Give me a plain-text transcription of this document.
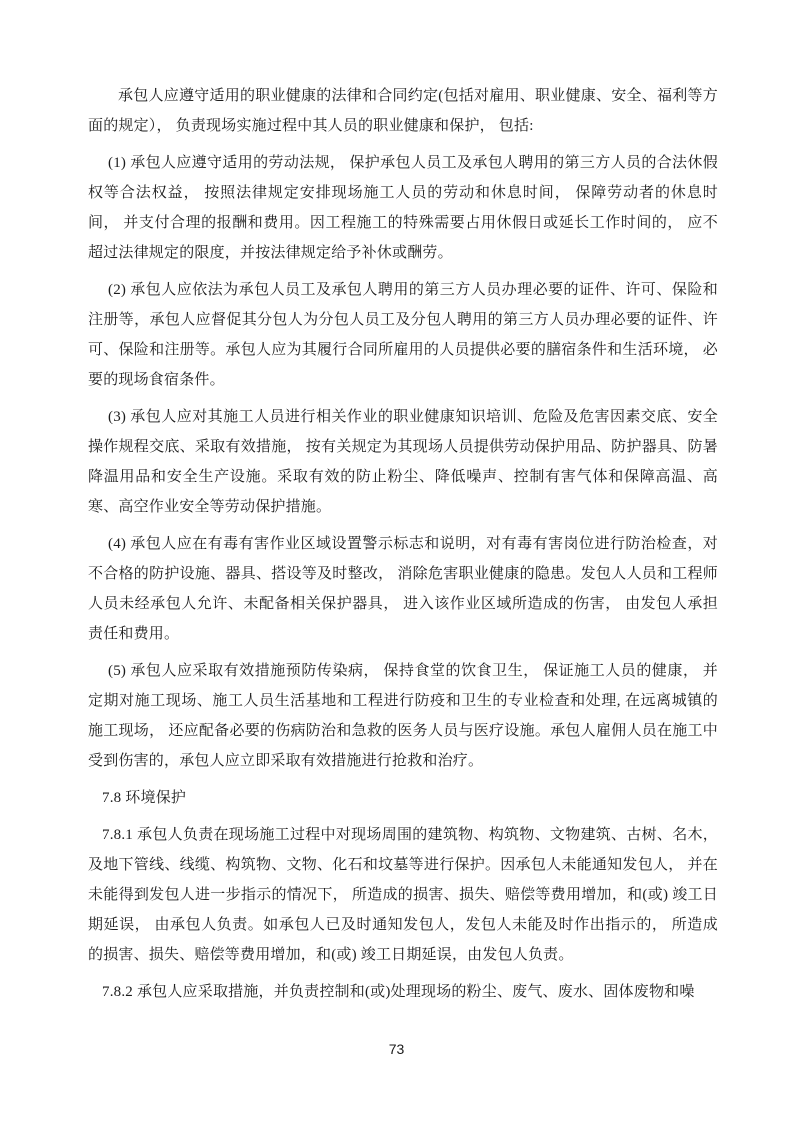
承包人应遵守适用的职业健康的法律和合同约定(包括对雇用、职业健康、安全、福利等方面的规定）， 负责现场实施过程中其人员的职业健康和保护， 包括:

(1) 承包人应遵守适用的劳动法规， 保护承包人员工及承包人聘用的第三方人员的合法休假权等合法权益， 按照法律规定安排现场施工人员的劳动和休息时间， 保障劳动者的休息时间， 并支付合理的报酬和费用。因工程施工的特殊需要占用休假日或延长工作时间的， 应不超过法律规定的限度，并按法律规定给予补休或酬劳。

(2) 承包人应依法为承包人员工及承包人聘用的第三方人员办理必要的证件、许可、保险和注册等，承包人应督促其分包人为分包人员工及分包人聘用的第三方人员办理必要的证件、许可、保险和注册等。承包人应为其履行合同所雇用的人员提供必要的膳宿条件和生活环境， 必要的现场食宿条件。

(3) 承包人应对其施工人员进行相关作业的职业健康知识培训、危险及危害因素交底、安全操作规程交底、采取有效措施， 按有关规定为其现场人员提供劳动保护用品、防护器具、防暑降温用品和安全生产设施。采取有效的防止粉尘、降低噪声、控制有害气体和保障高温、高寒、高空作业安全等劳动保护措施。

(4) 承包人应在有毒有害作业区域设置警示标志和说明，对有毒有害岗位进行防治检查，对不合格的防护设施、器具、搭设等及时整改， 消除危害职业健康的隐患。发包人人员和工程师人员未经承包人允许、未配备相关保护器具， 进入该作业区域所造成的伤害， 由发包人承担责任和费用。

(5) 承包人应采取有效措施预防传染病， 保持食堂的饮食卫生， 保证施工人员的健康， 并定期对施工现场、施工人员生活基地和工程进行防疫和卫生的专业检查和处理, 在远离城镇的施工现场， 还应配备必要的伤病防治和急救的医务人员与医疗设施。承包人雇佣人员在施工中受到伤害的，承包人应立即采取有效措施进行抢救和治疗。

7.8 环境保护

7.8.1 承包人负责在现场施工过程中对现场周围的建筑物、构筑物、文物建筑、古树、名木，及地下管线、线缆、构筑物、文物、化石和坟墓等进行保护。因承包人未能通知发包人， 并在未能得到发包人进一步指示的情况下， 所造成的损害、损失、赔偿等费用增加，和(或) 竣工日期延误， 由承包人负责。如承包人已及时通知发包人，发包人未能及时作出指示的， 所造成的损害、损失、赔偿等费用增加，和(或) 竣工日期延误，由发包人负责。

7.8.2 承包人应采取措施，并负责控制和(或)处理现场的粉尘、废气、废水、固体废物和噪

73
